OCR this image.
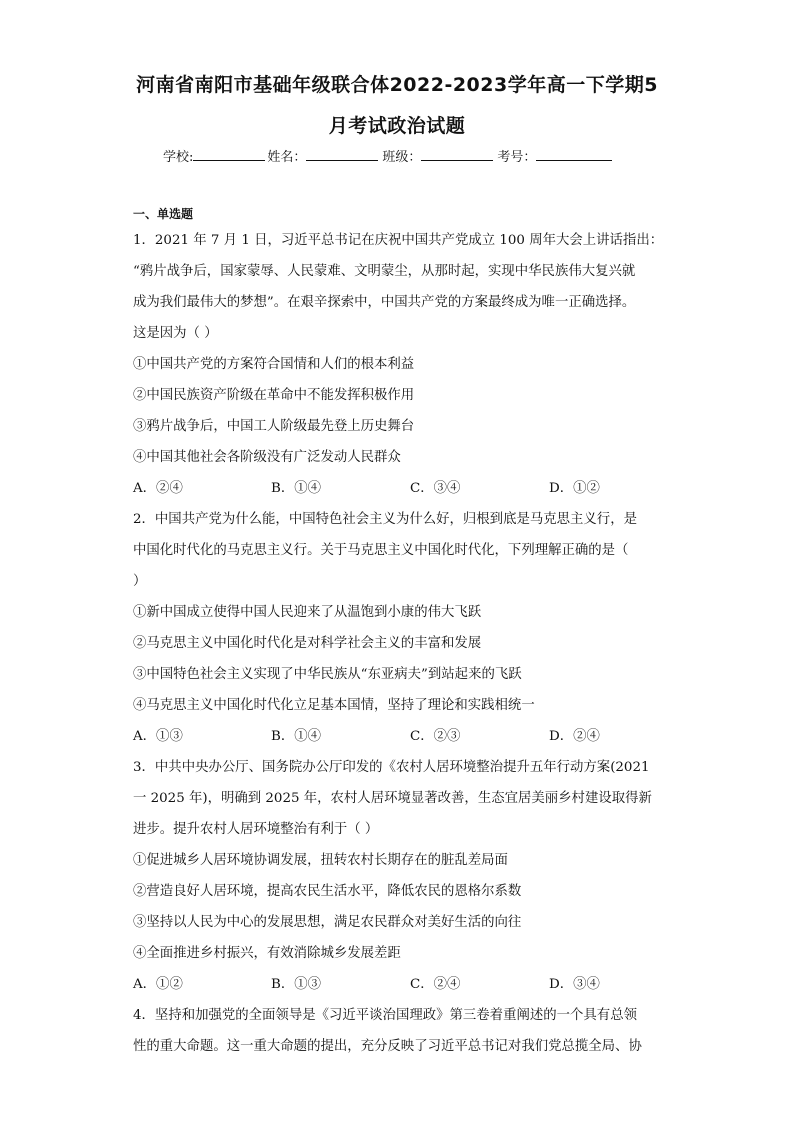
河南省南阳市基础年级联合体2022-2023学年高一下学期5
月考试政治试题
学校:	姓名：	班级：	考号：
一、单选题
1．2021 年 7 月 1 日，习近平总书记在庆祝中国共产党成立 100 周年大会上讲话指出：
“鸦片战争后，国家蒙辱、人民蒙难、文明蒙尘，从那时起，实现中华民族伟大复兴就
成为我们最伟大的梦想”。在艰辛探索中，中国共产党的方案最终成为唯一正确选择。
这是因为（ ）
①中国共产党的方案符合国情和人们的根本利益
②中国民族资产阶级在革命中不能发挥积极作用
③鸦片战争后，中国工人阶级最先登上历史舞台
④中国其他社会各阶级没有广泛发动人民群众
A．②④	B．①④	C．③④	D．①②
2．中国共产党为什么能，中国特色社会主义为什么好，归根到底是马克思主义行，是
中国化时代化的马克思主义行。关于马克思主义中国化时代化，下列理解正确的是（
）
①新中国成立使得中国人民迎来了从温饱到小康的伟大飞跃
②马克思主义中国化时代化是对科学社会主义的丰富和发展
③中国特色社会主义实现了中华民族从“东亚病夫”到站起来的飞跃
④马克思主义中国化时代化立足基本国情，坚持了理论和实践相统一
A．①③	B．①④	C．②③	D．②④
3．中共中央办公厅、国务院办公厅印发的《农村人居环境整治提升五年行动方案(2021
一 2025 年)，明确到 2025 年，农村人居环境显著改善，生态宜居美丽乡村建设取得新
进步。提升农村人居环境整治有利于（ ）
①促进城乡人居环境协调发展，扭转农村长期存在的脏乱差局面
②营造良好人居环境，提高农民生活水平，降低农民的恩格尔系数
③坚持以人民为中心的发展思想，满足农民群众对美好生活的向往
④全面推进乡村振兴，有效消除城乡发展差距
A．①②	B．①③	C．②④	D．③④
4．坚持和加强党的全面领导是《习近平谈治国理政》第三卷着重阐述的一个具有总领
性的重大命题。这一重大命题的提出，充分反映了习近平总书记对我们党总揽全局、协
